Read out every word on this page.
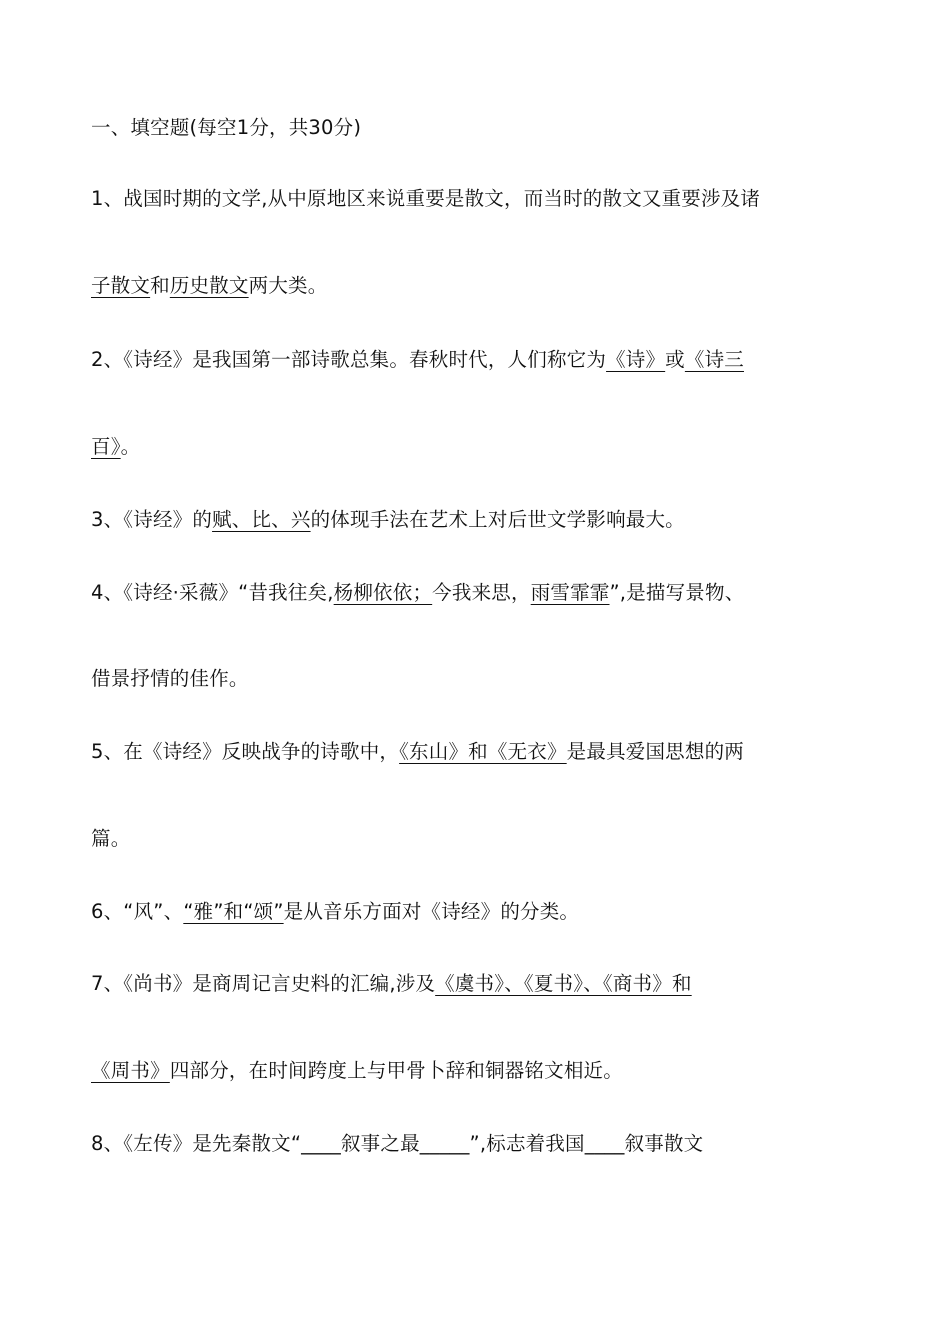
一、填空题(每空1分，共30分)
1、战国时期的文学,从中原地区来说重要是散文，而当时的散文又重要涉及诸
子散文和历史散文两大类。
2、《诗经》是我国第一部诗歌总集。春秋时代，人们称它为《诗》或《诗三
百》。
3、《诗经》的赋、比、兴的体现手法在艺术上对后世文学影响最大。
4、《诗经·采薇》“昔我往矣,杨柳依依；今我来思，雨雪霏霏”,是描写景物、
借景抒情的佳作。
5、在《诗经》反映战争的诗歌中，《东山》和《无衣》是最具爱国思想的两
篇。
6、“风”、“雅”和“颂”是从音乐方面对《诗经》的分类。
7、《尚书》是商周记言史料的汇编,涉及《虞书》、《夏书》、《商书》和
《周书》四部分，在时间跨度上与甲骨卜辞和铜器铭文相近。
8、《左传》是先秦散文“____叙事之最_____”,标志着我国____叙事散文
